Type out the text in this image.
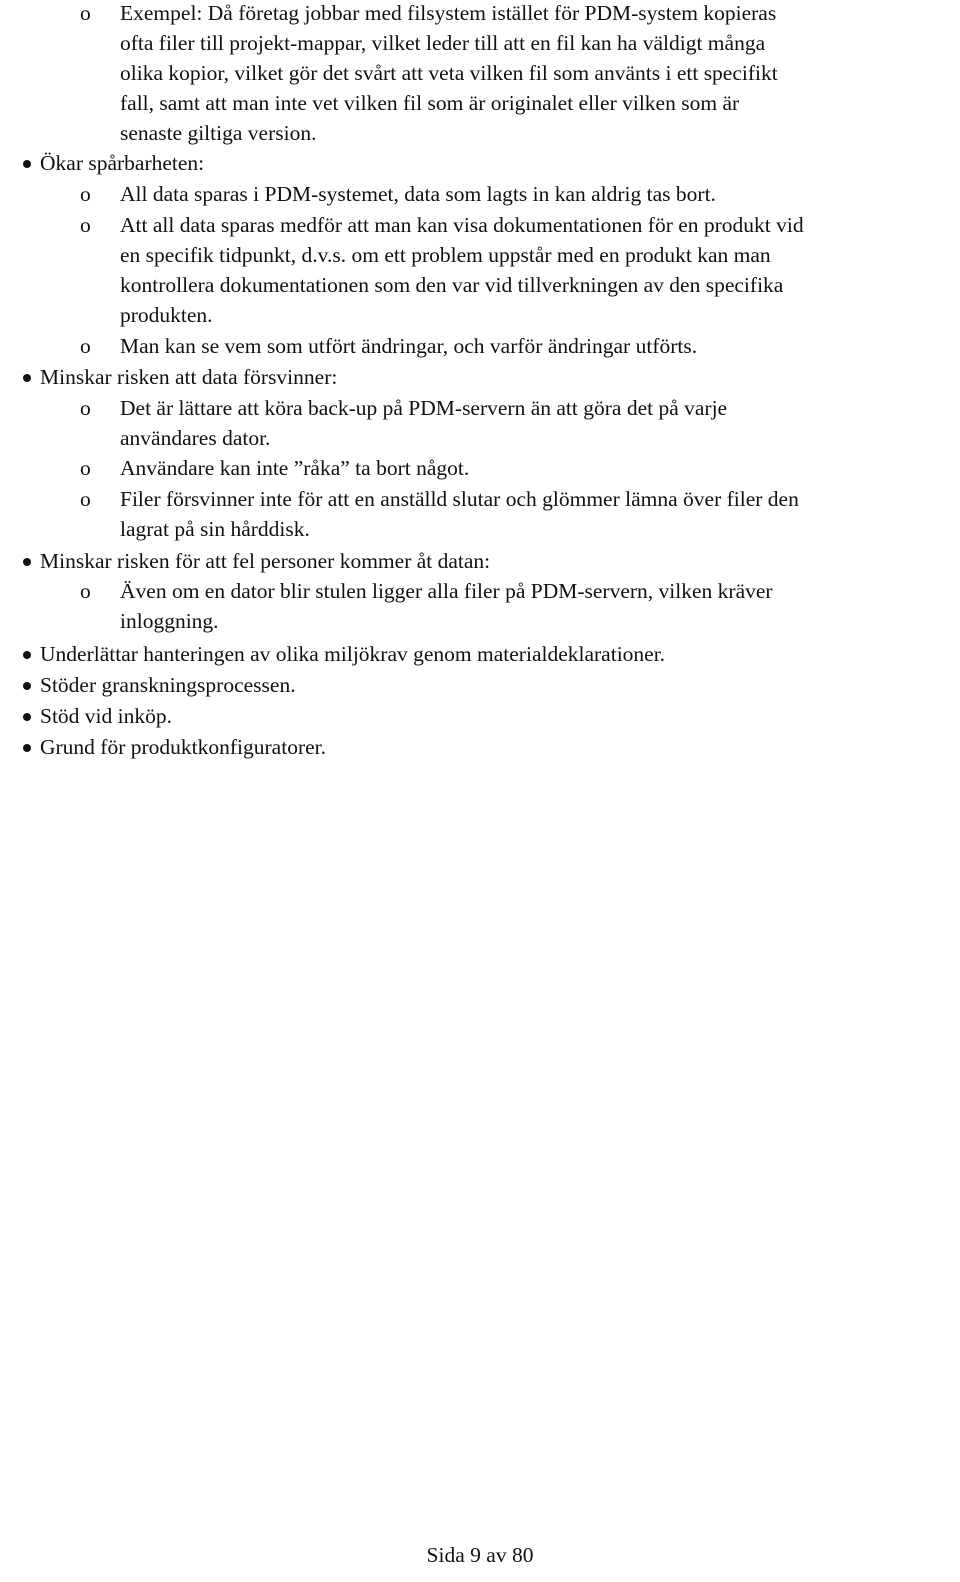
o Exempel: Då företag jobbar med filsystem istället för PDM-system kopieras
ofta filer till projekt-mappar, vilket leder till att en fil kan ha väldigt många
olika kopior, vilket gör det svårt att veta vilken fil som använts i ett specifikt
fall, samt att man inte vet vilken fil som är originalet eller vilken som är
senaste giltiga version.
Ökar spårbarheten:
o All data sparas i PDM-systemet, data som lagts in kan aldrig tas bort.
o Att all data sparas medför att man kan visa dokumentationen för en produkt vid
en specifik tidpunkt, d.v.s. om ett problem uppstår med en produkt kan man
kontrollera dokumentationen som den var vid tillverkningen av den specifika
produkten.
o Man kan se vem som utfört ändringar, och varför ändringar utförts.
Minskar risken att data försvinner:
o Det är lättare att köra back-up på PDM-servern än att göra det på varje
användares dator.
o Användare kan inte ”råka” ta bort något.
o Filer försvinner inte för att en anställd slutar och glömmer lämna över filer den
lagrat på sin hårddisk.
Minskar risken för att fel personer kommer åt datan:
o Även om en dator blir stulen ligger alla filer på PDM-servern, vilken kräver
inloggning.
Underlättar hanteringen av olika miljökrav genom materialdeklarationer.
Stöder granskningsprocessen.
Stöd vid inköp.
Grund för produktkonfiguratorer.
Sida 9 av 80
